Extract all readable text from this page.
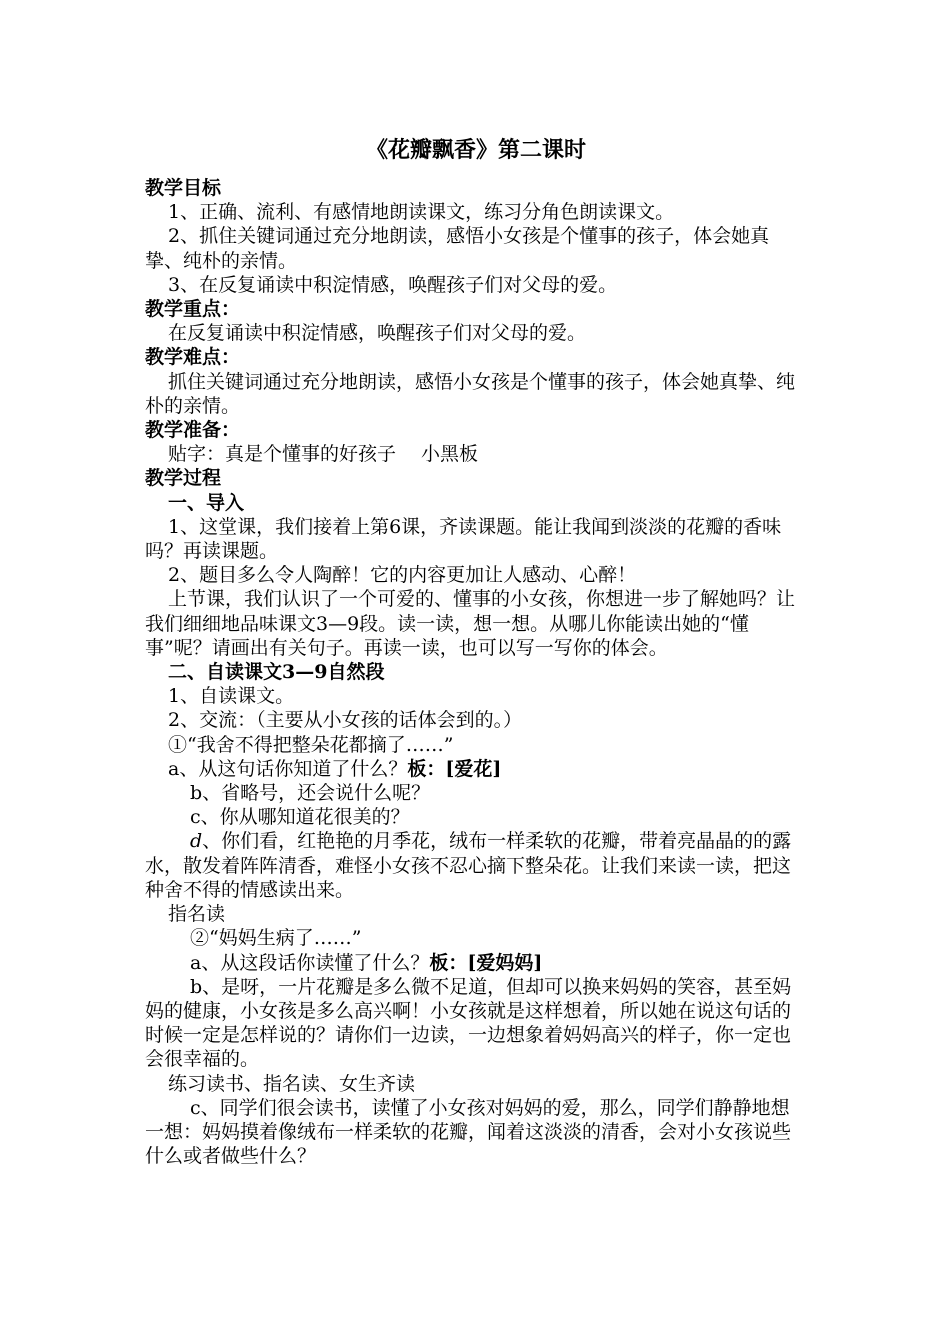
《花瓣飘香》第二课时

教学目标

1、正确、流利、有感情地朗读课文，练习分角色朗读课文。

2、抓住关键词通过充分地朗读，感悟小女孩是个懂事的孩子，体会她真挚、纯朴的亲情。

3、在反复诵读中积淀情感，唤醒孩子们对父母的爱。

教学重点：

在反复诵读中积淀情感，唤醒孩子们对父母的爱。

教学难点：

抓住关键词通过充分地朗读，感悟小女孩是个懂事的孩子，体会她真挚、纯朴的亲情。

教学准备：

贴字：真是个懂事的好孩子　 小黑板

教学过程

一、导入

1、这堂课，我们接着上第6课，齐读课题。能让我闻到淡淡的花瓣的香味吗？再读课题。

2、题目多么令人陶醉！它的内容更加让人感动、心醉！

上节课，我们认识了一个可爱的、懂事的小女孩，你想进一步了解她吗？让我们细细地品味课文3—9段。读一读，想一想。从哪儿你能读出她的“懂事”呢？请画出有关句子。再读一读，也可以写一写你的体会。

二、自读课文3—9自然段

1、自读课文。

2、交流：（主要从小女孩的话体会到的。）

①“我舍不得把整朵花都摘了……”

a、从这句话你知道了什么？板：[爱花]

b、省略号，还会说什么呢？

c、你从哪知道花很美的？

d、你们看，红艳艳的月季花，绒布一样柔软的花瓣，带着亮晶晶的的露水，散发着阵阵清香，难怪小女孩不忍心摘下整朵花。让我们来读一读，把这种舍不得的情感读出来。

指名读

②“妈妈生病了……”

a、从这段话你读懂了什么？板：[爱妈妈]

b、是呀，一片花瓣是多么微不足道，但却可以换来妈妈的笑容，甚至妈妈的健康，小女孩是多么高兴啊！小女孩就是这样想着，所以她在说这句话的时候一定是怎样说的？请你们一边读，一边想象着妈妈高兴的样子，你一定也会很幸福的。

练习读书、指名读、女生齐读

c、同学们很会读书，读懂了小女孩对妈妈的爱，那么，同学们静静地想一想：妈妈摸着像绒布一样柔软的花瓣，闻着这淡淡的清香，会对小女孩说些什么或者做些什么？
